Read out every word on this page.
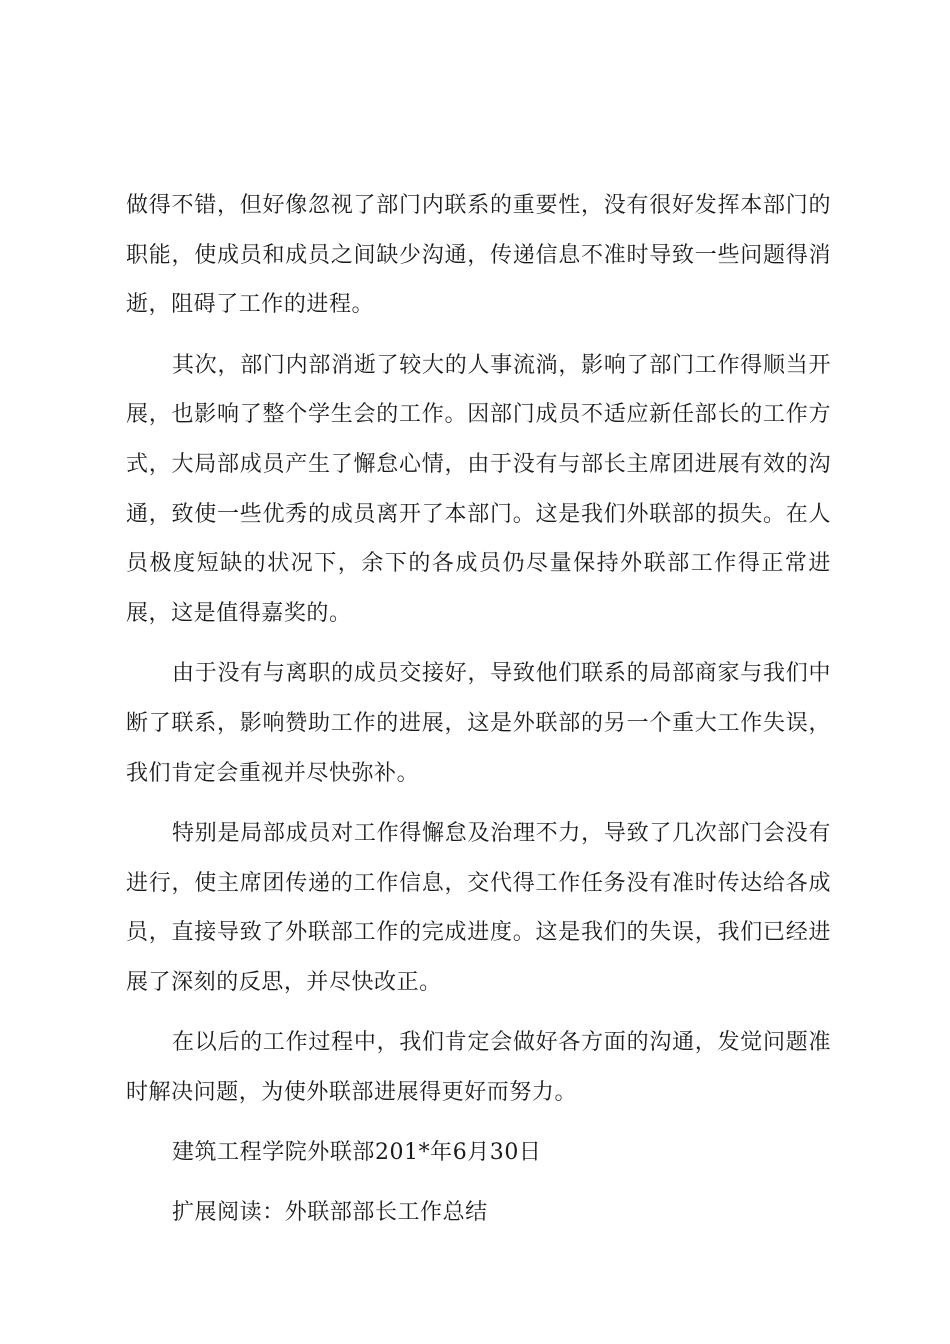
做得不错，但好像忽视了部门内联系的重要性，没有很好发挥本部门的职能，使成员和成员之间缺少沟通，传递信息不准时导致一些问题得消逝，阻碍了工作的进程。

其次，部门内部消逝了较大的人事流淌，影响了部门工作得顺当开展，也影响了整个学生会的工作。因部门成员不适应新任部长的工作方式，大局部成员产生了懈怠心情，由于没有与部长主席团进展有效的沟通，致使一些优秀的成员离开了本部门。这是我们外联部的损失。在人员极度短缺的状况下，余下的各成员仍尽量保持外联部工作得正常进展，这是值得嘉奖的。

由于没有与离职的成员交接好，导致他们联系的局部商家与我们中断了联系，影响赞助工作的进展，这是外联部的另一个重大工作失误，我们肯定会重视并尽快弥补。

特别是局部成员对工作得懈怠及治理不力，导致了几次部门会没有进行，使主席团传递的工作信息，交代得工作任务没有准时传达给各成员，直接导致了外联部工作的完成进度。这是我们的失误，我们已经进展了深刻的反思，并尽快改正。

在以后的工作过程中，我们肯定会做好各方面的沟通，发觉问题准时解决问题，为使外联部进展得更好而努力。

建筑工程学院外联部201*年6月30日

扩展阅读：外联部部长工作总结
